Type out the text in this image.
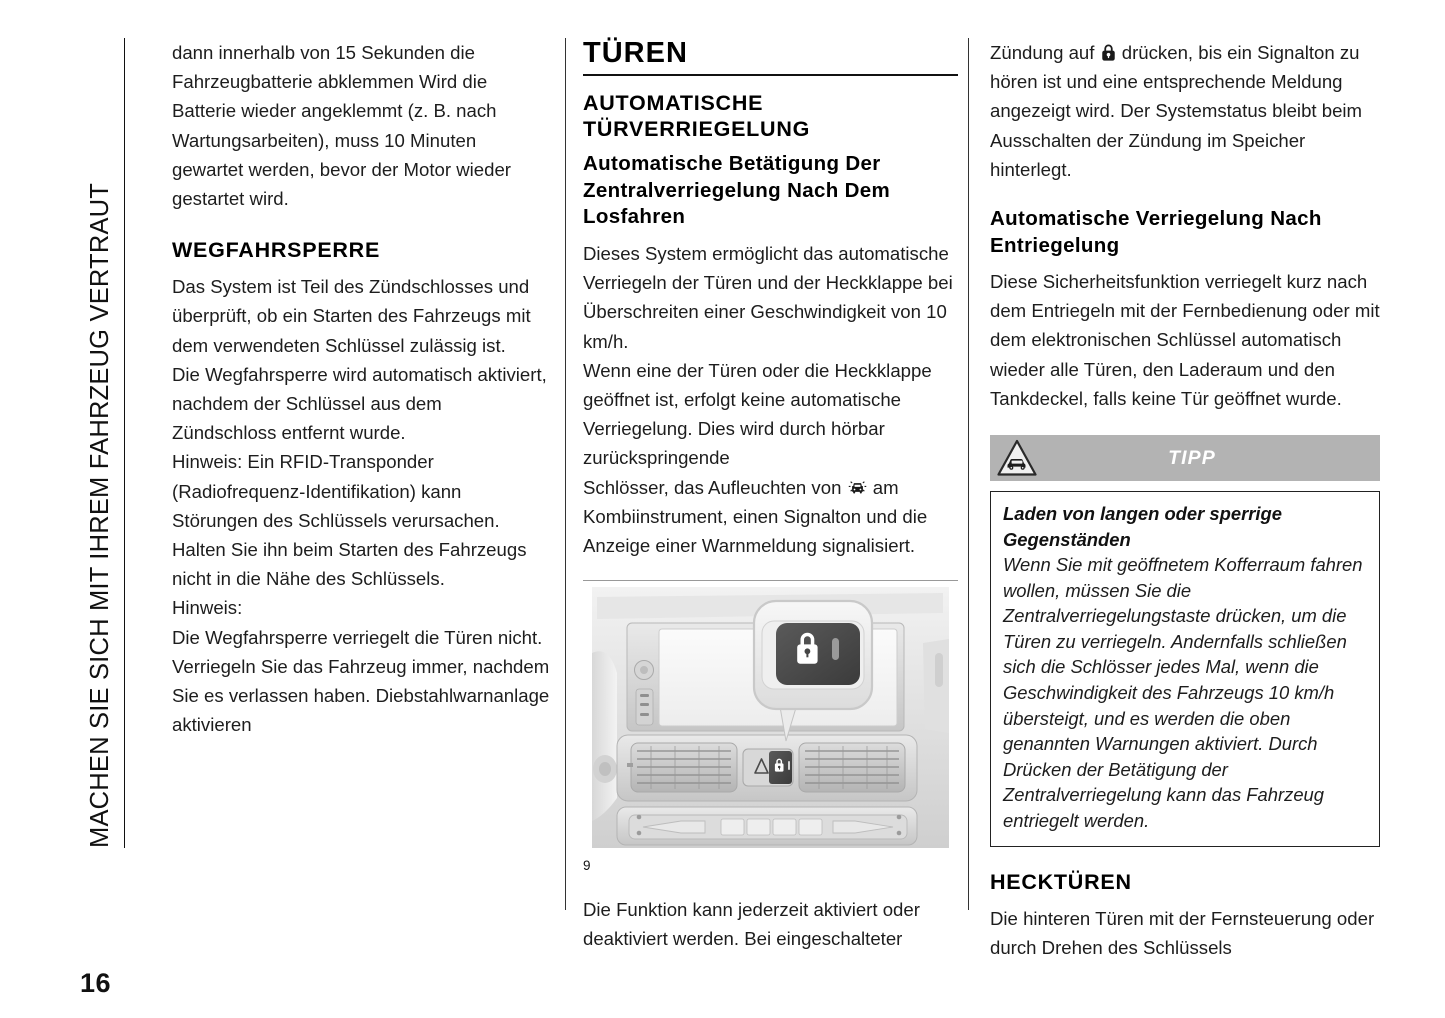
MACHEN SIE SICH MIT IHREM FAHRZEUG VERTRAUT

dann innerhalb von 15 Sekunden die Fahrzeugbatterie abklemmen Wird die Batterie wieder angeklemmt (z. B. nach Wartungsarbeiten), muss 10 Minuten gewartet werden, bevor der Motor wieder gestartet wird.

WEGFAHRSPERRE

Das System ist Teil des Zündschlosses und überprüft, ob ein Starten des Fahrzeugs mit dem verwendeten Schlüssel zulässig ist.

Die Wegfahrsperre wird automatisch aktiviert, nachdem der Schlüssel aus dem Zündschloss entfernt wurde.

Hinweis: Ein RFID-Transponder (Radiofrequenz-Identifikation) kann Störungen des Schlüssels verursachen. Halten Sie ihn beim Starten des Fahrzeugs nicht in die Nähe des Schlüssels.

Hinweis:

Die Wegfahrsperre verriegelt die Türen nicht. Verriegeln Sie das Fahrzeug immer, nachdem Sie es verlassen haben. Diebstahlwarnanlage aktivieren

TÜREN
AUTOMATISCHE TÜRVERRIEGELUNG
Automatische Betätigung Der Zentralverriegelung Nach Dem Losfahren

Dieses System ermöglicht das automatische Verriegeln der Türen und der Heckklappe bei Überschreiten einer Geschwindigkeit von 10 km/h.

Wenn eine der Türen oder die Heckklappe geöffnet ist, erfolgt keine automatische Verriegelung. Dies wird durch hörbar zurückspringende

Schlösser, das Aufleuchten von  am Kombiinstrument, einen Signalton und die Anzeige einer Warnmeldung signalisiert.

9

Die Funktion kann jederzeit aktiviert oder deaktiviert werden. Bei eingeschalteter

Zündung auf  drücken, bis ein Signalton zu hören ist und eine entsprechende Meldung angezeigt wird. Der Systemstatus bleibt beim Ausschalten der Zündung im Speicher hinterlegt.

Automatische Verriegelung Nach Entriegelung

Diese Sicherheitsfunktion verriegelt kurz nach dem Entriegeln mit der Fernbedienung oder mit dem elektronischen Schlüssel automatisch wieder alle Türen, den Laderaum und den Tankdeckel, falls keine Tür geöffnet wurde.

TIPP

Laden von langen oder sperrige Gegenständen

Wenn Sie mit geöffnetem Kofferraum fahren wollen, müssen Sie die Zentralverriegelungstaste drücken, um die Türen zu verriegeln. Andernfalls schließen sich die Schlösser jedes Mal, wenn die Geschwindigkeit des Fahrzeugs 10 km/h übersteigt, und es werden die oben genannten Warnungen aktiviert. Durch Drücken der Betätigung der Zentralverriegelung kann das Fahrzeug entriegelt werden.

HECKTÜREN

Die hinteren Türen mit der Fernsteuerung oder durch Drehen des Schlüssels

16
